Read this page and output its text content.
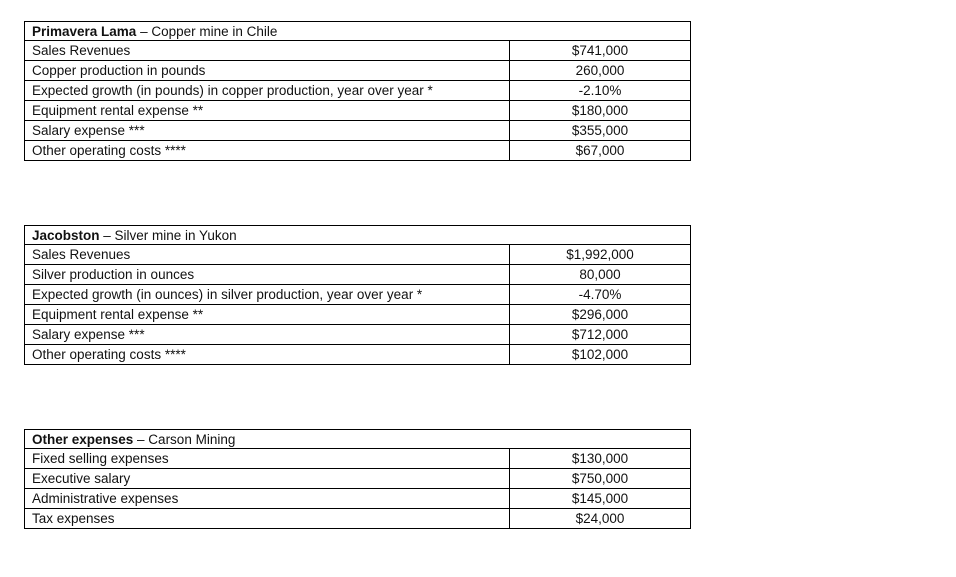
Primavera Lama – Copper mine in Chile
Sales Revenues	$741,000
Copper production in pounds	260,000
Expected growth (in pounds) in copper production, year over year *	-2.10%
Equipment rental expense **	$180,000
Salary expense ***	$355,000
Other operating costs ****	$67,000
Jacobston – Silver mine in Yukon
Sales Revenues	$1,992,000
Silver production in ounces	80,000
Expected growth (in ounces) in silver production, year over year *	-4.70%
Equipment rental expense **	$296,000
Salary expense ***	$712,000
Other operating costs ****	$102,000
Other expenses – Carson Mining
Fixed selling expenses	$130,000
Executive salary	$750,000
Administrative expenses	$145,000
Tax expenses	$24,000
